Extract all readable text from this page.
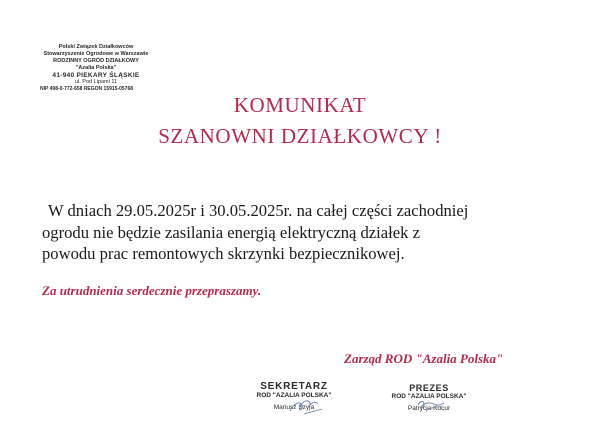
Polski Związek Działkowców
Stowarzyszenie Ogrodowe w Warszawie
RODZINNY OGRÓD DZIAŁKOWY
"Azalia Polska"
41-940 PIEKARY ŚLĄSKIE
ul. Pod Lipami 11
NIP 498-0-772-658 REGON 15915-05768
KOMUNIKAT
SZANOWNI DZIAŁKOWCY !
W dniach 29.05.2025r i 30.05.2025r. na całej części zachodniej
ogrodu nie będzie zasilania energią elektryczną działek z
powodu prac remontowych skrzynki bezpiecznikowej.
Za utrudnienia serdecznie przepraszamy.
Zarząd ROD "Azalia Polska"
SEKRETARZ
ROD "AZALIA POLSKA"
Mariusz Szyja
PREZES
ROD "AZALIA POLSKA"
Patrycja Kocur
